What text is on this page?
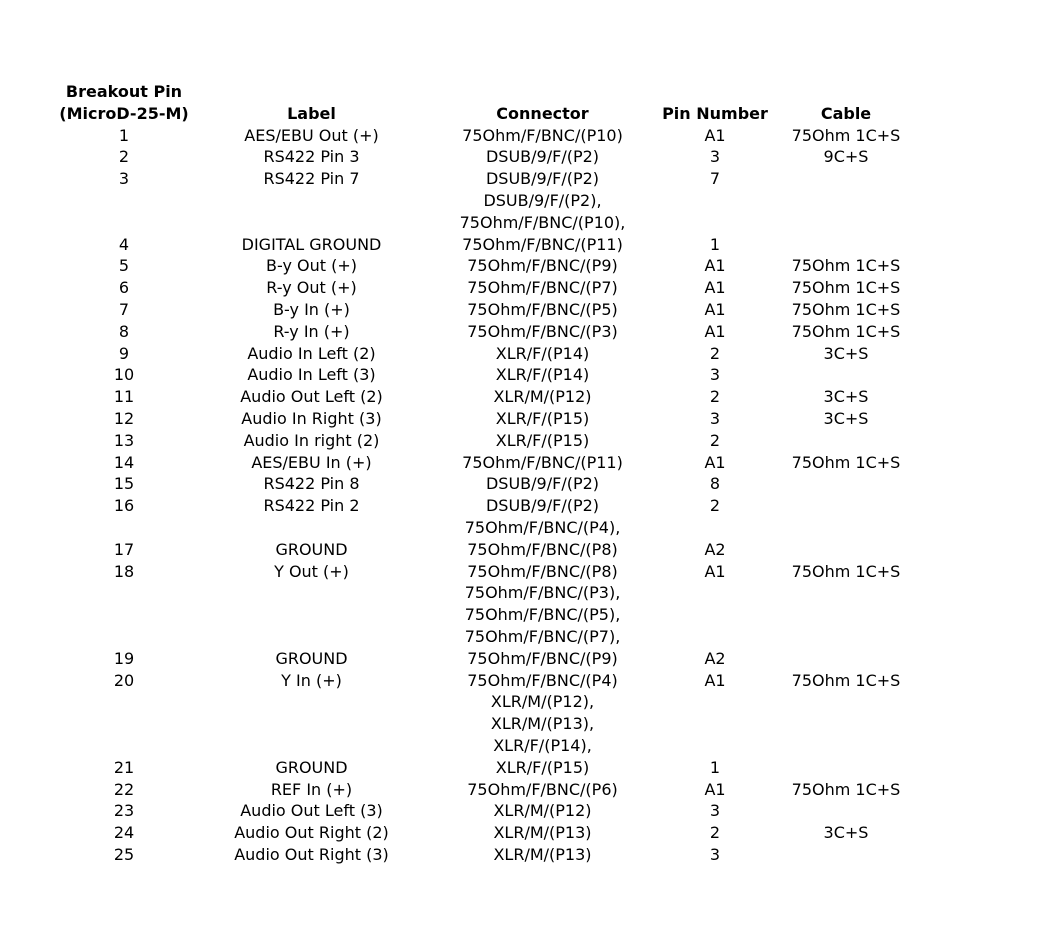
Breakout Pin
(MicroD-25-M)	Label	Connector	Pin Number	Cable
1	AES/EBU Out (+)	75Ohm/F/BNC/(P10)	A1	75Ohm 1C+S
2	RS422 Pin 3	DSUB/9/F/(P2)	3	9C+S
3	RS422 Pin 7	DSUB/9/F/(P2)	7	
4	DIGITAL GROUND	DSUB/9/F/(P2),
75Ohm/F/BNC/(P10),
75Ohm/F/BNC/(P11)	1	
5	B-y Out (+)	75Ohm/F/BNC/(P9)	A1	75Ohm 1C+S
6	R-y Out (+)	75Ohm/F/BNC/(P7)	A1	75Ohm 1C+S
7	B-y In (+)	75Ohm/F/BNC/(P5)	A1	75Ohm 1C+S
8	R-y In (+)	75Ohm/F/BNC/(P3)	A1	75Ohm 1C+S
9	Audio In Left (2)	XLR/F/(P14)	2	3C+S
10	Audio In Left (3)	XLR/F/(P14)	3	
11	Audio Out Left (2)	XLR/M/(P12)	2	3C+S
12	Audio In Right (3)	XLR/F/(P15)	3	3C+S
13	Audio In right (2)	XLR/F/(P15)	2	
14	AES/EBU In (+)	75Ohm/F/BNC/(P11)	A1	75Ohm 1C+S
15	RS422 Pin 8	DSUB/9/F/(P2)	8	
16	RS422 Pin 2	DSUB/9/F/(P2)	2	
17	GROUND	75Ohm/F/BNC/(P4),
75Ohm/F/BNC/(P8)	A2	
18	Y Out (+)	75Ohm/F/BNC/(P8)	A1	75Ohm 1C+S
19	GROUND	75Ohm/F/BNC/(P3),
75Ohm/F/BNC/(P5),
75Ohm/F/BNC/(P7),
75Ohm/F/BNC/(P9)	A2	
20	Y In (+)	75Ohm/F/BNC/(P4)	A1	75Ohm 1C+S
21	GROUND	XLR/M/(P12),
XLR/M/(P13),
XLR/F/(P14),
XLR/F/(P15)	1	
22	REF In (+)	75Ohm/F/BNC/(P6)	A1	75Ohm 1C+S
23	Audio Out Left (3)	XLR/M/(P12)	3	
24	Audio Out Right (2)	XLR/M/(P13)	2	3C+S
25	Audio Out Right (3)	XLR/M/(P13)	3	
